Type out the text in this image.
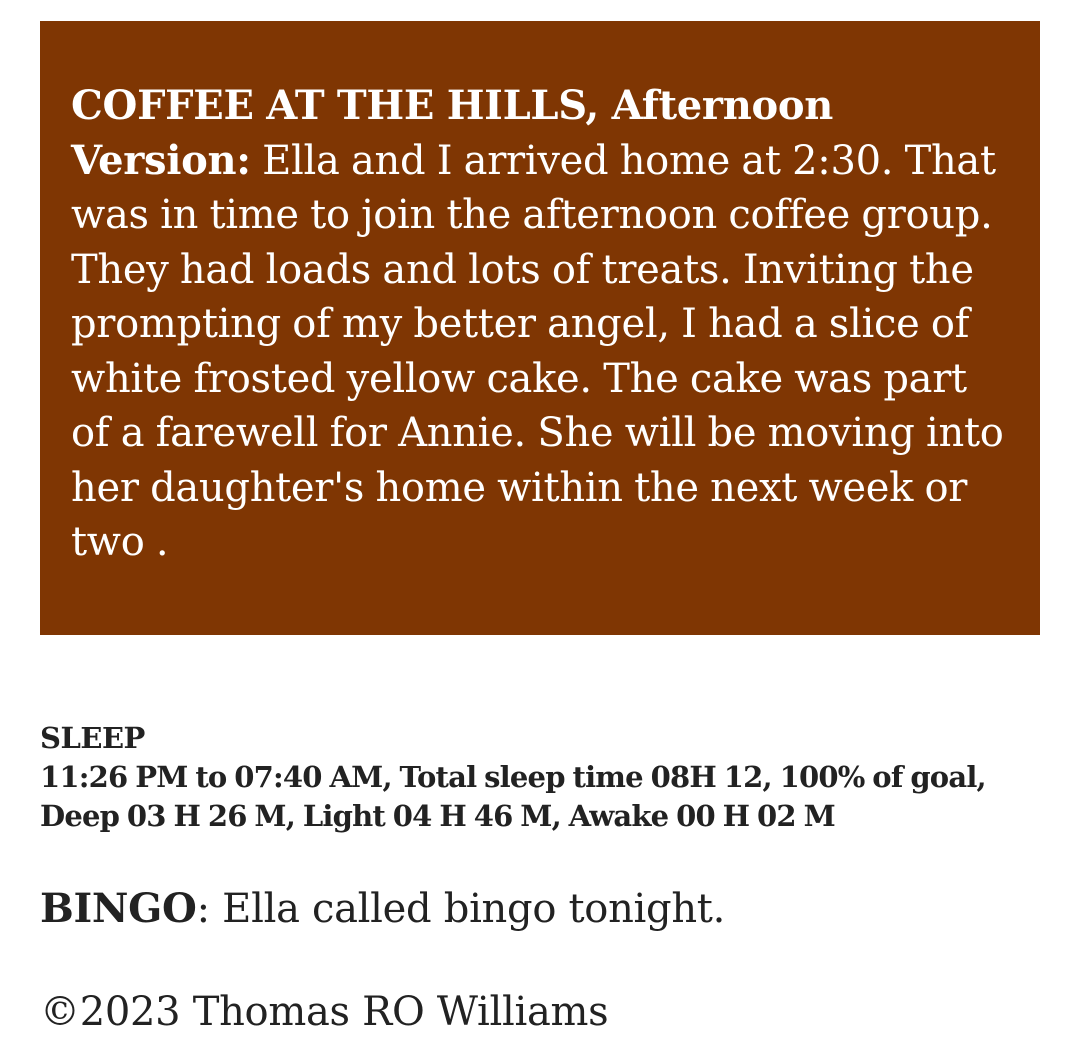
COFFEE AT THE HILLS, Afternoon Version: Ella and I arrived home at 2:30. That was in time to join the afternoon coffee group. They had loads and lots of treats. Inviting the prompting of my better angel, I had a slice of white frosted yellow cake. The cake was part of a farewell for Annie. She will be moving into her daughter's home within the next week or two .

SLEEP

11:26 PM to 07:40 AM, Total sleep time 08H 12, 100% of goal, Deep 03 H 26 M, Light 04 H 46 M, Awake 00 H 02 M

BINGO: Ella called bingo tonight.

©2023 Thomas RO Williams
